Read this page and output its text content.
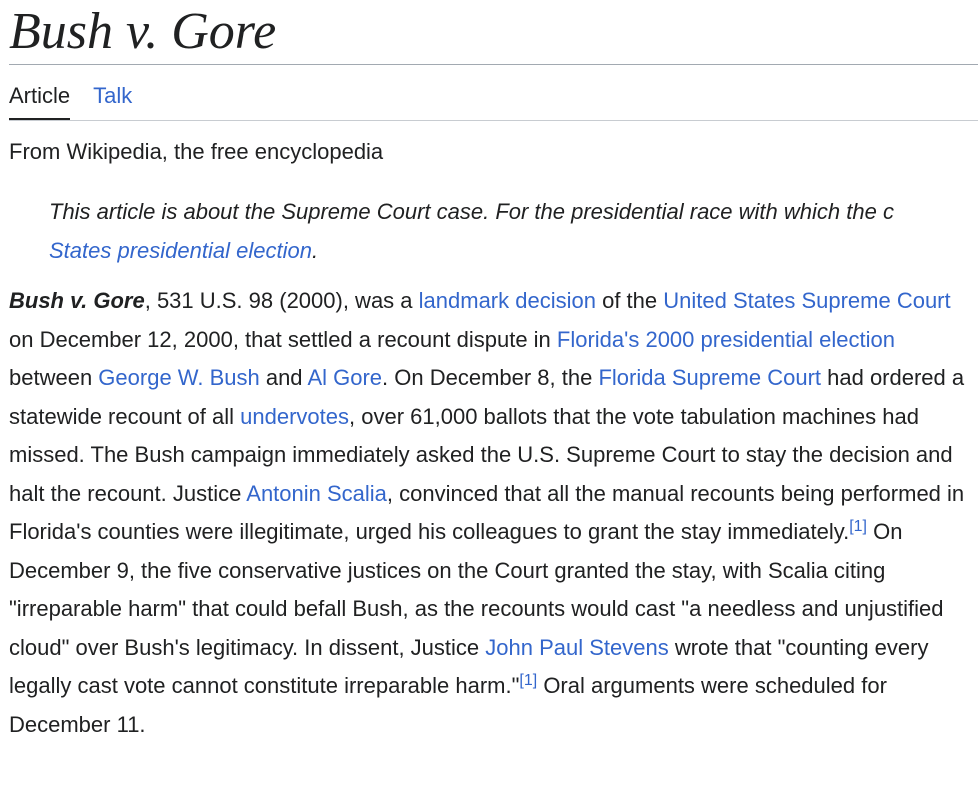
Bush v. Gore
Article Talk
From Wikipedia, the free encyclopedia
This article is about the Supreme Court case. For the presidential race with which the c
States presidential election.

Bush v. Gore, 531 U.S. 98 (2000), was a landmark decision of the United States Supreme Court on December 12, 2000, that settled a recount dispute in Florida's 2000 presidential election between George W. Bush and Al Gore. On December 8, the Florida Supreme Court had ordered a statewide recount of all undervotes, over 61,000 ballots that the vote tabulation machines had missed. The Bush campaign immediately asked the U.S. Supreme Court to stay the decision and halt the recount. Justice Antonin Scalia, convinced that all the manual recounts being performed in Florida's counties were illegitimate, urged his colleagues to grant the stay immediately.[1] On December 9, the five conservative justices on the Court granted the stay, with Scalia citing "irreparable harm" that could befall Bush, as the recounts would cast "a needless and unjustified cloud" over Bush's legitimacy. In dissent, Justice John Paul Stevens wrote that "counting every legally cast vote cannot constitute irreparable harm."[1] Oral arguments were scheduled for December 11.
